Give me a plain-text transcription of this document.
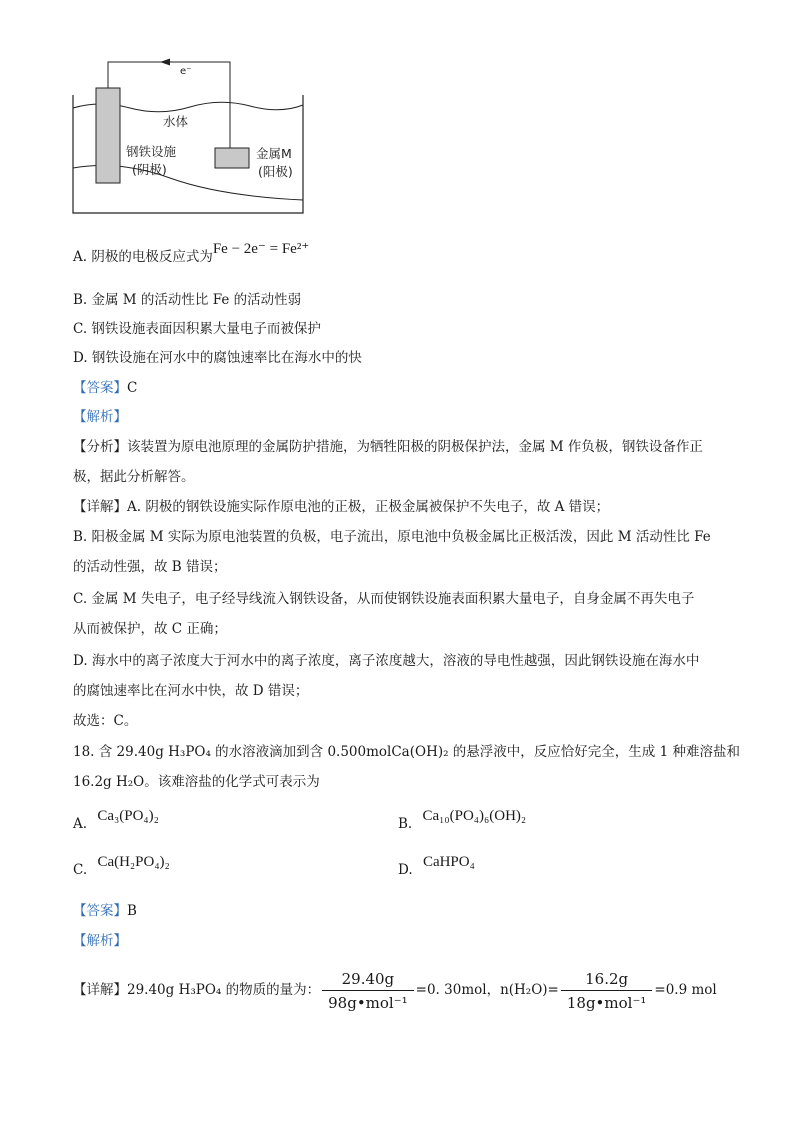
e⁻
水体
钢铁设施
(阴极)
金属M
(阳极)
A. 阴极的电极反应式为Fe − 2e⁻ = Fe²⁺
B. 金属 M 的活动性比 Fe 的活动性弱
C. 钢铁设施表面因积累大量电子而被保护
D. 钢铁设施在河水中的腐蚀速率比在海水中的快
【答案】C
【解析】
【分析】该装置为原电池原理的金属防护措施，为牺牲阳极的阴极保护法，金属 M 作负极，钢铁设备作正
极，据此分析解答。
【详解】A. 阴极的钢铁设施实际作原电池的正极，正极金属被保护不失电子，故 A 错误；
B. 阳极金属 M 实际为原电池装置的负极，电子流出，原电池中负极金属比正极活泼，因此 M 活动性比 Fe
的活动性强，故 B 错误；
C. 金属 M 失电子，电子经导线流入钢铁设备，从而使钢铁设施表面积累大量电子，自身金属不再失电子
从而被保护，故 C 正确；
D. 海水中的离子浓度大于河水中的离子浓度，离子浓度越大，溶液的导电性越强，因此钢铁设施在海水中
的腐蚀速率比在河水中快，故 D 错误；
故选：C。
18. 含 29.40g H₃PO₄ 的水溶液滴加到含 0.500molCa(OH)₂ 的悬浮液中，反应恰好完全，生成 1 种难溶盐和
16.2g H₂O。该难溶盐的化学式可表示为
A. Ca₃(PO₄)₂	B. Ca₁₀(PO₄)₆(OH)₂
C. Ca(H₂PO₄)₂	D. CaHPO₄
【答案】B
【解析】
【详解】29.40g H₃PO₄ 的物质的量为： $\frac{29.40g}{\text{98g•mol⁻¹}} =0$. 30mol，$n(H_2O)= \frac{16.2g}{\text{18g•mol⁻¹}} =0.9$ mol
